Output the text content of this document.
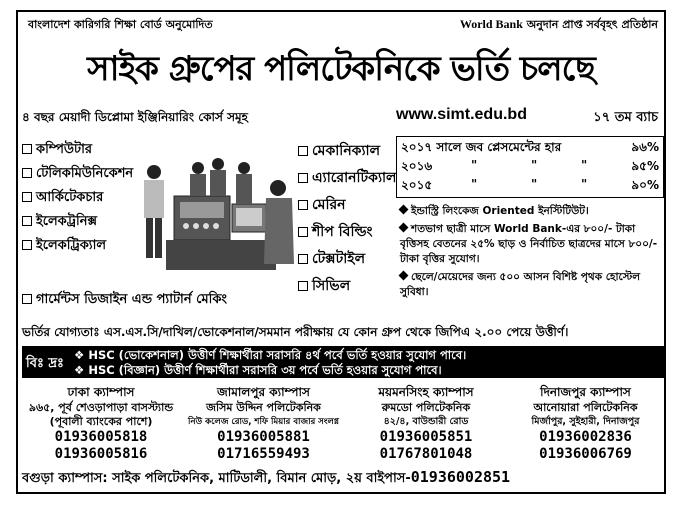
বাংলাদেশ কারিগরি শিক্ষা বোর্ড অনুমোদিত	World Bank অনুদান প্রাপ্ত সর্ববৃহৎ প্রতিষ্ঠান
সাইক গ্রুপের পলিটেকনিকে ভর্তি চলছে
৪ বছর মেয়াদী ডিপ্লোমা ইঞ্জিনিয়ারিং কোর্স সমূহ	www.simt.edu.bd	১৭ তম ব্যাচ
কম্পিউটার
টেলিকমিউনিকেশন
আর্কিটেকচার
ইলেকট্রনিক্স
ইলেকট্রিক্যাল
গার্মেন্টস ডিজাইন এন্ড প্যাটার্ন মেকিং
মেকানিক্যাল
এ্যারোনটিক্যাল
মেরিন
শীপ বিল্ডিং
টেক্সটাইল
সিভিল
২০১৭ সালে জব প্লেসমেন্টের হার	৯৬%
২০১৬	"	"	"	৯৫%
২০১৫	"	"	"	৯০%
ইন্ডাস্ট্রি লিংকেজ Oriented ইনস্টিটিউট।
শতভাগ ছাত্রী মাসে World Bank-এর ৮০০/- টাকা বৃত্তিসহ বেতনের ২৫% ছাড় ও নির্বাচিত ছাত্রদের মাসে ৮০০/- টাকা বৃত্তির সুযোগ।
ছেলে/মেয়েদের জন্য ৫০০ আসন বিশিষ্ট পৃথক হোস্টেল সুবিধা।
ভর্তির যোগ্যতাঃ এস.এস.সি/দাখিল/ভোকেশনাল/সমমান পরীক্ষায় যে কোন গ্রুপ থেকে জিপিএ ২.০০ পেয়ে উত্তীর্ণ।
বিঃ দ্রঃ
❖ HSC (ভোকেশনাল) উত্তীর্ণ শিক্ষার্থীরা সরাসরি ৪র্থ পর্বে ভর্তি হওয়ার সুযোগ পাবে।
❖ HSC (বিজ্ঞান) উত্তীর্ণ শিক্ষার্থীরা সরাসরি ৩য় পর্বে ভর্তি হওয়ার সুযোগ পাবে।
ঢাকা ক্যাম্পাস
৯৬৫, পূর্ব শেওড়াপাড়া বাসস্ট্যান্ড
(পূবালী ব্যাংকের পাশে)
01936005818
01936005816
জামালপুর ক্যাম্পাস
জসিম উদ্দিন পলিটেকনিক
নিউ কলেজ রোড, শফি মিয়ার বাজার সংলগ্ন
01936005881
01716559493
ময়মনসিংহ ক্যাম্পাস
রুমডো পলিটেকনিক
৪২/৪, বাউন্ডারী রোড
01936005851
01767801048
দিনাজপুর ক্যাম্পাস
আনোয়ারা পলিটেকনিক
মির্জাপুর, সুইহারী, দিনাজপুর
01936002836
01936006769
বগুড়া ক্যাম্পাস: সাইক পলিটেকনিক, মাটিডালী, বিমান মোড়, ২য় বাইপাস-01936002851
